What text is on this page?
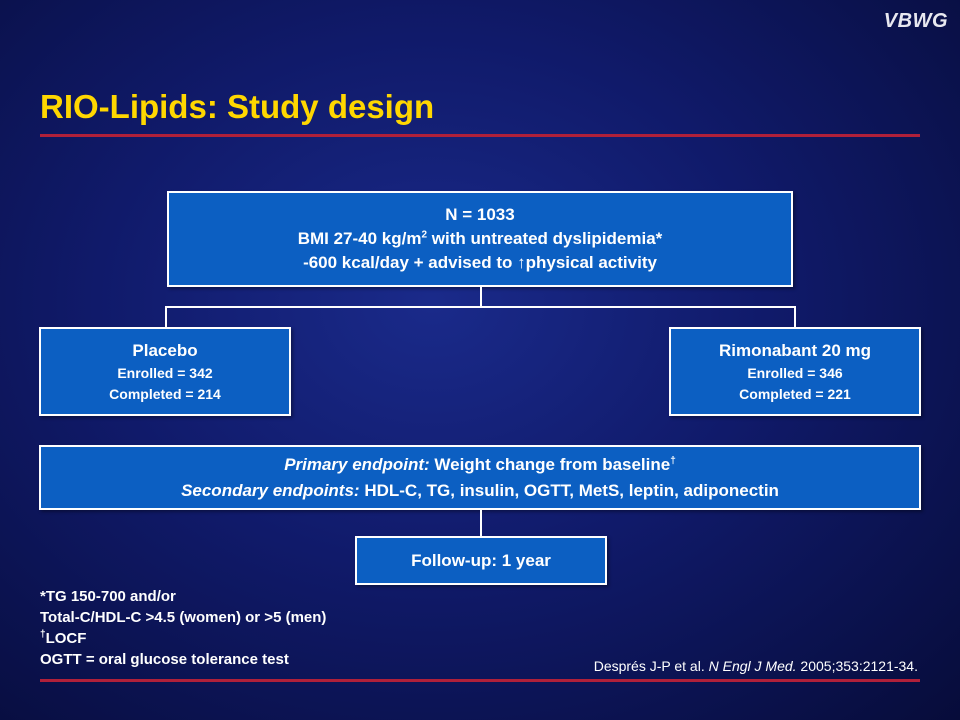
VBWG
RIO-Lipids: Study design
N = 1033
BMI 27-40 $kg/m^2$ with untreated dyslipidemia*
-600 kcal/day + advised to ↑physical activity
Placebo
Enrolled = 342
Completed = 214
Rimonabant 20 mg
Enrolled = 346
Completed = 221
Primary endpoint: Weight change from baseline†
Secondary endpoints: HDL-C, TG, insulin, OGTT, MetS, leptin, adiponectin
Follow-up: 1 year
*TG 150-700 and/or
Total-C/HDL-C >4.5 (women) or >5 (men)
†LOCF
OGTT = oral glucose tolerance test	Després J-P et al. N Engl J Med. 2005;353:2121-34.
